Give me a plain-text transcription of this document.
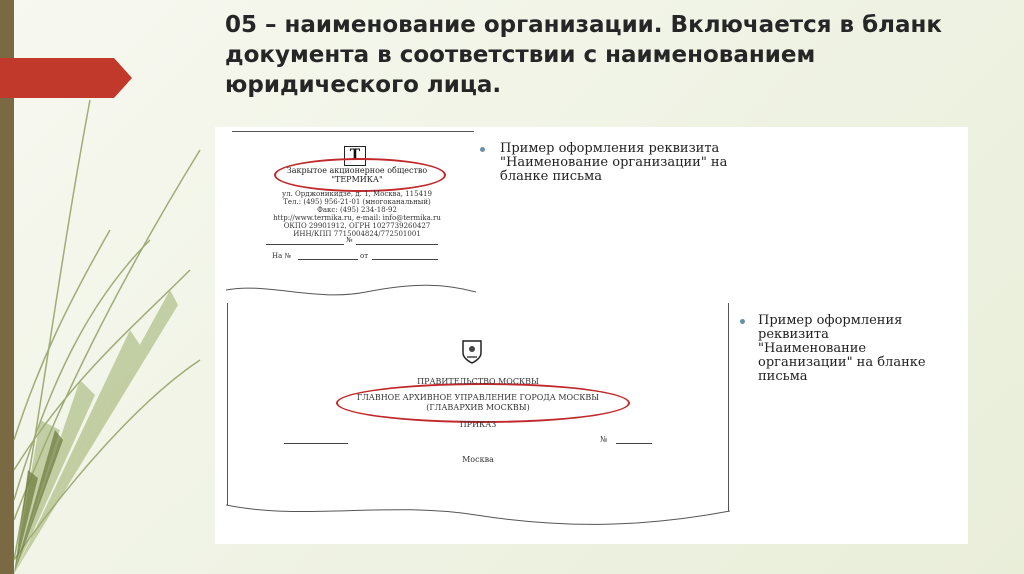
05 – наименование организации. Включается в бланк документа в соответствии с наименованием юридического лица.
Т
Закрытое акционерное общество
"ТЕРМИКА"
ул. Орджоникидзе, д. 1, Москва, 115419
Тел.: (495) 956-21-01 (многоканальный)
Факс: (495) 234-18-92
http://www.termika.ru, e-mail: info@termika.ru
ОКПО 29901912, ОГРН 1027739260427
ИНН/КПП 7715004824/772501001
№
На №	от
Пример оформления реквизита
"Наименование организации" на
бланке письма
ПРАВИТЕЛЬСТВО МОСКВЫ
ГЛАВНОЕ АРХИВНОЕ УПРАВЛЕНИЕ ГОРОДА МОСКВЫ
(ГЛАВАРХИВ МОСКВЫ)
ПРИКАЗ
№
Москва
Пример оформления
реквизита
"Наименование
организации" на бланке
письма
